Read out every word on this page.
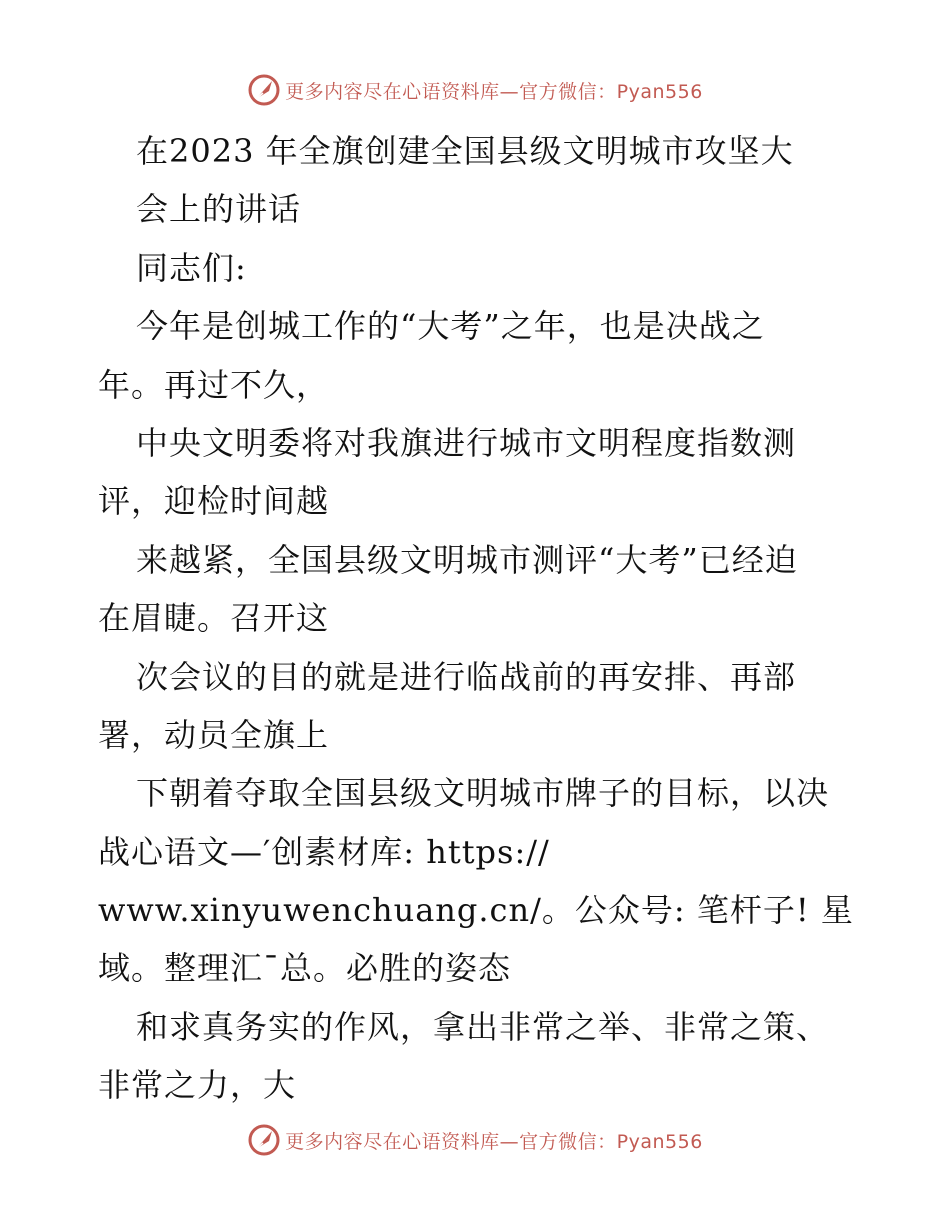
更多内容尽在心语资料库—官方微信：Pyan556
在2023 年全旗创建全国县级文明城市攻坚大
会上的讲话
同志们:
今年是创城工作的“大考”之年，也是决战之
年。再过不久，
中央文明委将对我旗进行城市文明程度指数测
评，迎检时间越
来越紧，全国县级文明城市测评“大考”已经迫
在眉睫。召开这
次会议的目的就是进行临战前的再安排、再部
署，动员全旗上
下朝着夺取全国县级文明城市牌子的目标，以决
战心语文—′创素材库: https://
www.xinyuwenchuang.cn/。公众号: 笔杆子! 星
域。整理汇¯总。必胜的姿态
和求真务实的作风，拿出非常之举、非常之策、
非常之力，大
更多内容尽在心语资料库—官方微信：Pyan556
